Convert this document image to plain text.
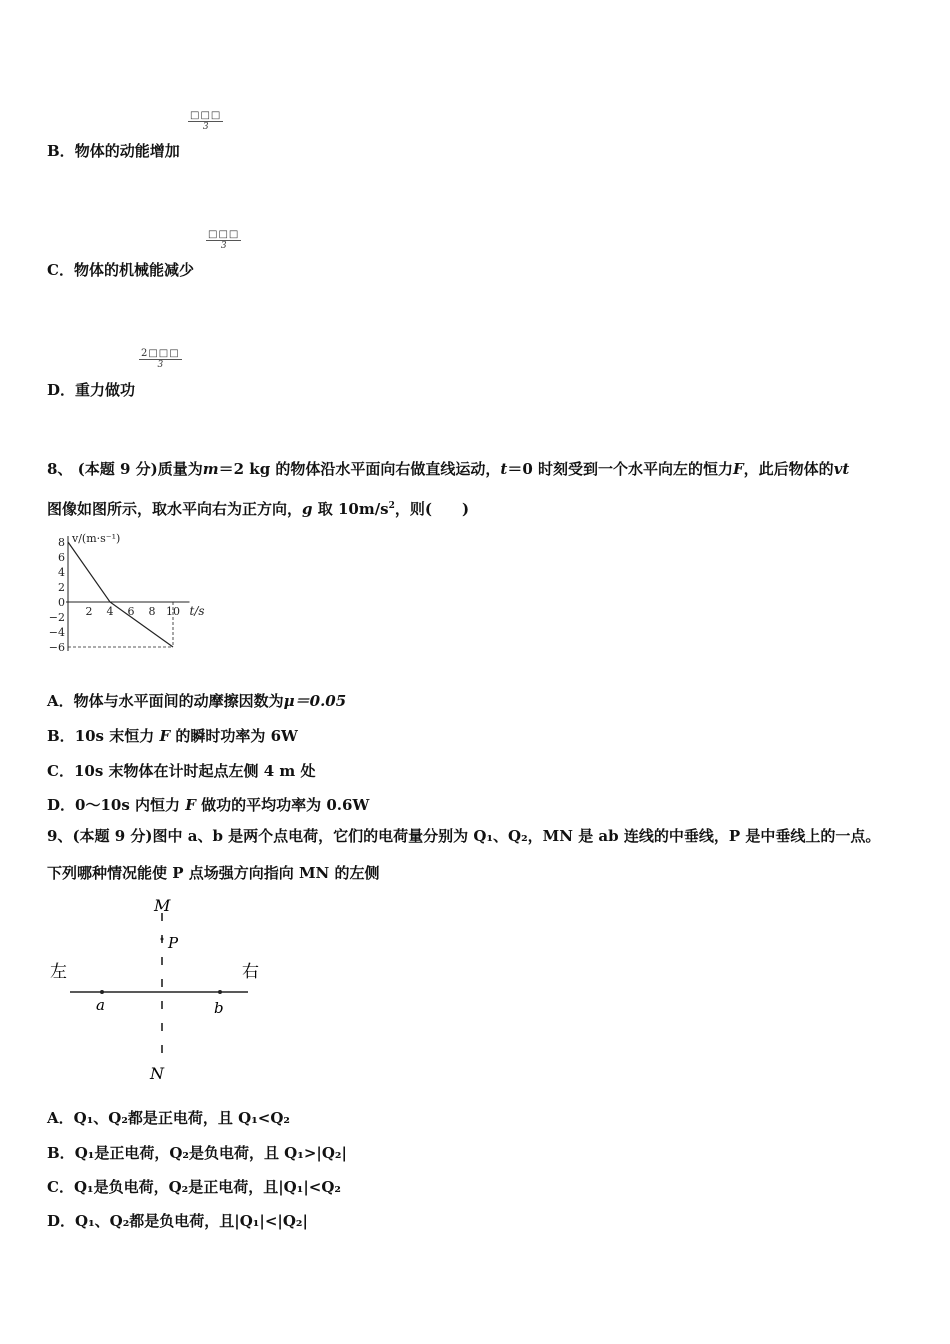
□□□
3
B．物体的动能增加
□□□
3
C．物体的机械能减少
$\frac{2□□□}{3}$
D．重力做功
8、 (本题 9 分)质量为m＝2 kg 的物体沿水平面向右做直线运动，t＝0 时刻受到一个水平向左的恒力F，此后物体的vt
图像如图所示，取水平向右为正方向，g 取 $10m/s^2$，则(　　)
8
6
4
2
0
−2
−4
−6
2 4 6 8 10
v/(m·s⁻¹)
t/s
A．物体与水平面间的动摩擦因数为μ＝0.05
B．10s 末恒力 F 的瞬时功率为 6W
C．10s 末物体在计时起点左侧 4 m 处
D．0～10s 内恒力 F 做功的平均功率为 0.6W
9、(本题 9 分)图中 a、b 是两个点电荷，它们的电荷量分别为 Q₁、Q₂，MN 是 ab 连线的中垂线，P 是中垂线上的一点。
下列哪种情况能使 P 点场强方向指向 MN 的左侧
M
P
左	右
a	b
N
A．Q₁、Q₂都是正电荷，且 Q₁<Q₂
B．Q₁是正电荷，Q₂是负电荷，且 Q₁>|Q₂|
C．Q₁是负电荷，Q₂是正电荷，且|Q₁|<Q₂
D．Q₁、Q₂都是负电荷，且|Q₁|<|Q₂|
